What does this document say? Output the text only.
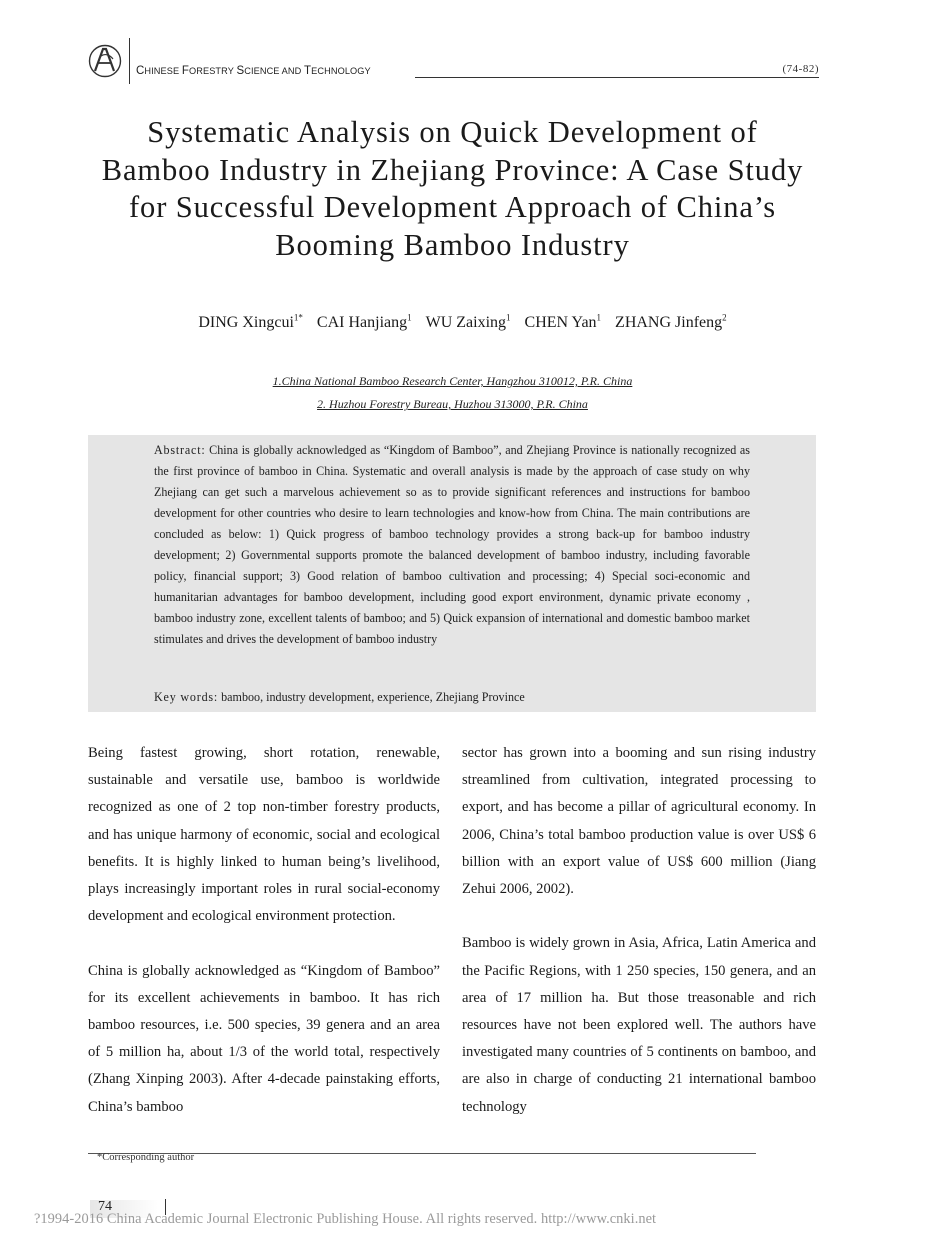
CHINESE FORESTRY SCIENCE AND TECHNOLOGY	(74-82)
Systematic Analysis on Quick Development of Bamboo Industry in Zhejiang Province: A Case Study for Successful Development Approach of China’s Booming Bamboo Industry
DING Xingcui$^{1*}$ CAI Hanjiang$^1$ WU Zaixing$^1$ CHEN Yan$^1$ ZHANG Jinfeng$^2$
1.China National Bamboo Research Center, Hangzhou 310012, P.R. China
2. Huzhou Forestry Bureau, Huzhou 313000, P.R. China
Abstract: China is globally acknowledged as “Kingdom of Bamboo”, and Zhejiang Province is nationally recognized as the first province of bamboo in China. Systematic and overall analysis is made by the approach of case study on why Zhejiang can get such a marvelous achievement so as to provide significant references and instructions for bamboo development for other countries who desire to learn technologies and know-how from China. The main contributions are concluded as below: 1) Quick progress of bamboo technology provides a strong back-up for bamboo industry development; 2) Governmental supports promote the balanced development of bamboo industry, including favorable policy, financial support; 3) Good relation of bamboo cultivation and processing; 4) Special soci-economic and humanitarian advantages for bamboo development, including good export environment, dynamic private economy , bamboo industry zone, excellent talents of bamboo; and 5) Quick expansion of international and domestic bamboo market stimulates and drives the development of bamboo industry
Key words: bamboo, industry development, experience, Zhejiang Province

Being fastest growing, short rotation, renewable, sustainable and versatile use, bamboo is worldwide recognized as one of 2 top non-timber forestry products, and has unique harmony of economic, social and ecological benefits. It is highly linked to human being’s livelihood, plays increasingly important roles in rural social-economy development and ecological environment protection.

China is globally acknowledged as “Kingdom of Bamboo” for its excellent achievements in bamboo. It has rich bamboo resources, i.e. 500 species, 39 genera and an area of 5 million ha, about 1/3 of the world total, respectively (Zhang Xinping 2003). After 4-decade painstaking efforts, China’s bamboo

sector has grown into a booming and sun rising industry streamlined from cultivation, integrated processing to export, and has become a pillar of agricultural economy. In 2006, China’s total bamboo production value is over US$ 6 billion with an export value of US$ 600 million (Jiang Zehui 2006, 2002).

Bamboo is widely grown in Asia, Africa, Latin America and the Pacific Regions, with 1 250 species, 150 genera, and an area of 17 million ha. But those treasonable and rich resources have not been explored well. The authors have investigated many countries of 5 continents on bamboo, and are also in charge of conducting 21 international bamboo technology

*Corresponding author
74
?1994-2016 China Academic Journal Electronic Publishing House. All rights reserved. http://www.cnki.net
